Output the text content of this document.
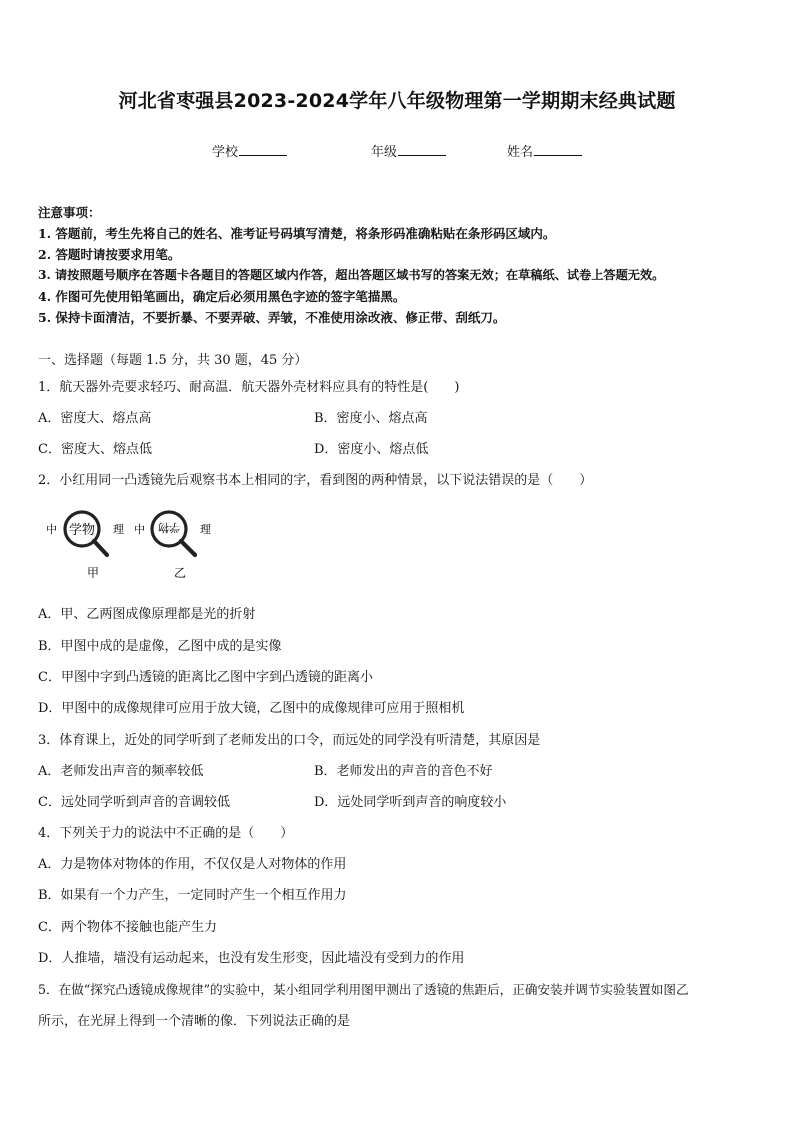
河北省枣强县2023-2024学年八年级物理第一学期期末经典试题
学校	年级	姓名
注意事项：
1. 答题前，考生先将自己的姓名、准考证号码填写清楚，将条形码准确粘贴在条形码区域内。
2. 答题时请按要求用笔。
3. 请按照题号顺序在答题卡各题目的答题区域内作答，超出答题区域书写的答案无效；在草稿纸、试卷上答题无效。
4. 作图可先使用铅笔画出，确定后必须用黑色字迹的签字笔描黑。
5. 保持卡面清洁，不要折暴、不要弄破、弄皱，不准使用涂改液、修正带、刮纸刀。
一、选择题（每题 1.5 分，共 30 题，45 分）
1．航天器外壳要求轻巧、耐高温．航天器外壳材料应具有的特性是(　　)
A．密度大、熔点高	B．密度小、熔点高
C．密度大、熔点低	D．密度小、熔点低
2．小红用同一凸透镜先后观察书本上相同的字，看到图的两种情景，以下说法错误的是（　　）
中 学物 理
甲
中 学物 理
乙
A．甲、乙两图成像原理都是光的折射
B．甲图中成的是虚像，乙图中成的是实像
C．甲图中字到凸透镜的距离比乙图中字到凸透镜的距离小
D．甲图中的成像规律可应用于放大镜，乙图中的成像规律可应用于照相机
3．体育课上，近处的同学听到了老师发出的口令，而远处的同学没有听清楚，其原因是
A．老师发出声音的频率较低	B．老师发出的声音的音色不好
C．远处同学听到声音的音调较低	D．远处同学听到声音的响度较小
4．下列关于力的说法中不正确的是（　　）
A．力是物体对物体的作用，不仅仅是人对物体的作用
B．如果有一个力产生，一定同时产生一个相互作用力
C．两个物体不接触也能产生力
D．人推墙，墙没有运动起来，也没有发生形变，因此墙没有受到力的作用
5．在做“探究凸透镜成像规律”的实验中，某小组同学利用图甲测出了透镜的焦距后，正确安装并调节实验装置如图乙
所示，在光屏上得到一个清晰的像．下列说法正确的是
